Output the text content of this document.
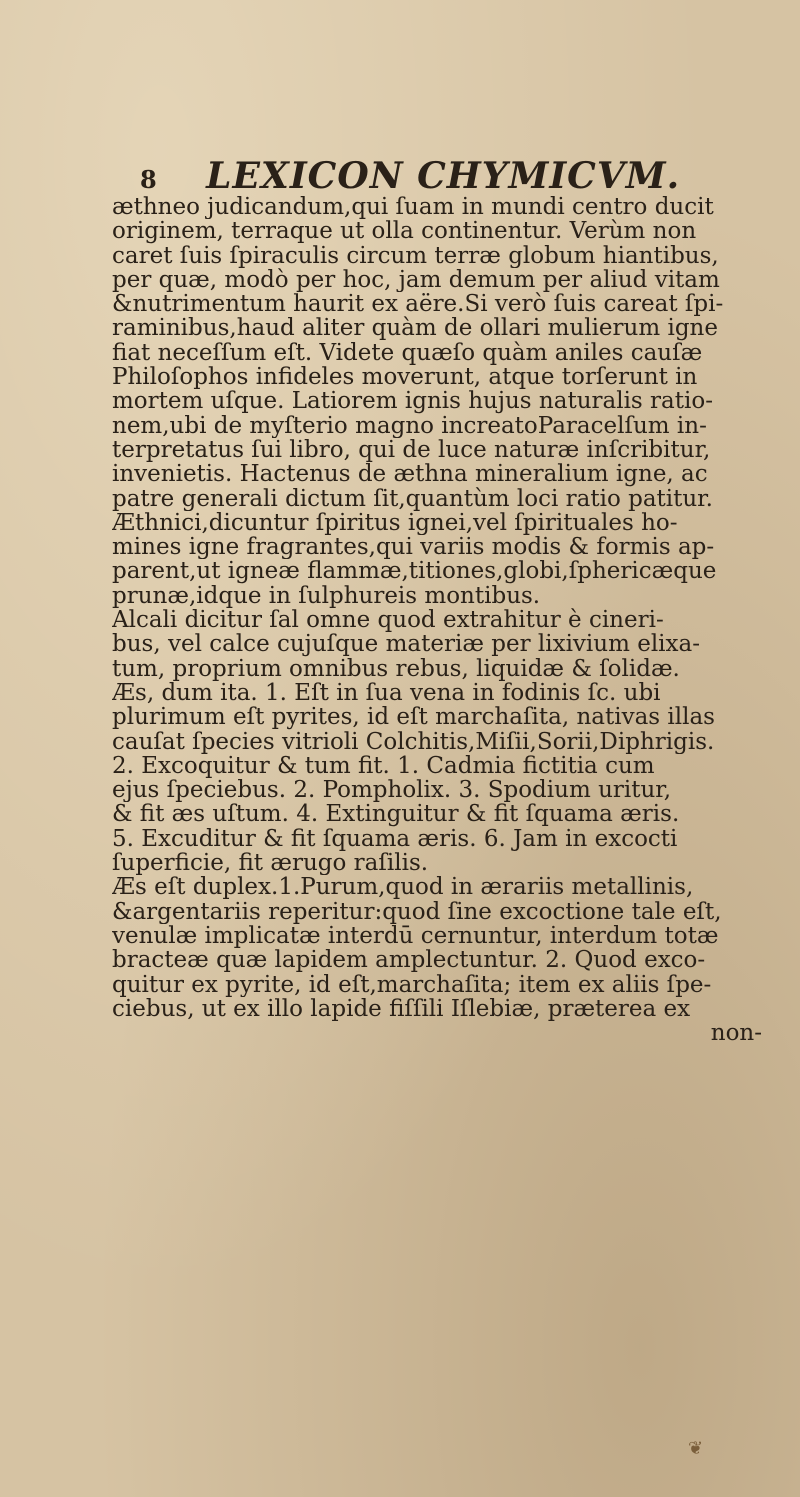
8 LEXICON CHYMICVM.
æthneo judicandum,qui ſuam in mundi centro ducit
originem, terraque ut olla continentur. Verùm non
caret ſuis ſpiraculis circum terræ globum hiantibus,
per quæ, modò per hoc, jam demum per aliud vitam
&nutrimentum haurit ex aëre.Si verò ſuis careat ſpi-
raminibus,haud aliter quàm de ollari mulierum igne
fiat neceſſum eſt. Videte quæſo quàm aniles cauſæ
Philoſophos infideles moverunt, atque torſerunt in
mortem uſque. Latiorem ignis hujus naturalis ratio-
nem,ubi de myſterio magno increatoParacelſum in-
terpretatus ſui libro, qui de luce naturæ inſcribitur,
invenietis. Hactenus de æthna mineralium igne, ac
patre generali dictum ſit,quantùm loci ratio patitur.
Æthnici,dicuntur ſpiritus ignei,vel ſpirituales ho-
mines igne fragrantes,qui variis modis & formis ap-
parent,ut igneæ flammæ,titiones,globi,ſphericæque
prunæ,idque in ſulphureis montibus.
Alcali dicitur ſal omne quod extrahitur è cineri-
bus, vel calce cujuſque materiæ per lixivium elixa-
tum, proprium omnibus rebus, liquidæ & ſolidæ.
Æs, dum ita. 1. Eſt in ſua vena in fodinis ſc. ubi
plurimum eſt pyrites, id eſt marchaſita, nativas illas
cauſat ſpecies vitrioli Colchitis,Miſii,Sorii,Diphrigis.
2. Excoquitur & tum fit. 1. Cadmia fictitia cum
ejus ſpeciebus. 2. Pompholix. 3. Spodium uritur,
& fit æs uſtum. 4. Extinguitur & fit ſquama æris.
5. Excuditur & fit ſquama æris. 6. Jam in excocti
ſuperficie, fit ærugo raſilis.
Æs eſt duplex.1.Purum,quod in ærariis metallinis,
&argentariis reperitur:quod ſine excoctione tale eſt,
venulæ implicatæ interdū cernuntur, interdum totæ
bracteæ quæ lapidem amplectuntur. 2. Quod exco-
quitur ex pyrite, id eſt,marchaſita; item ex aliis ſpe-
ciebus, ut ex illo lapide fiſſili Iſlebiæ, præterea ex
non-
❦
